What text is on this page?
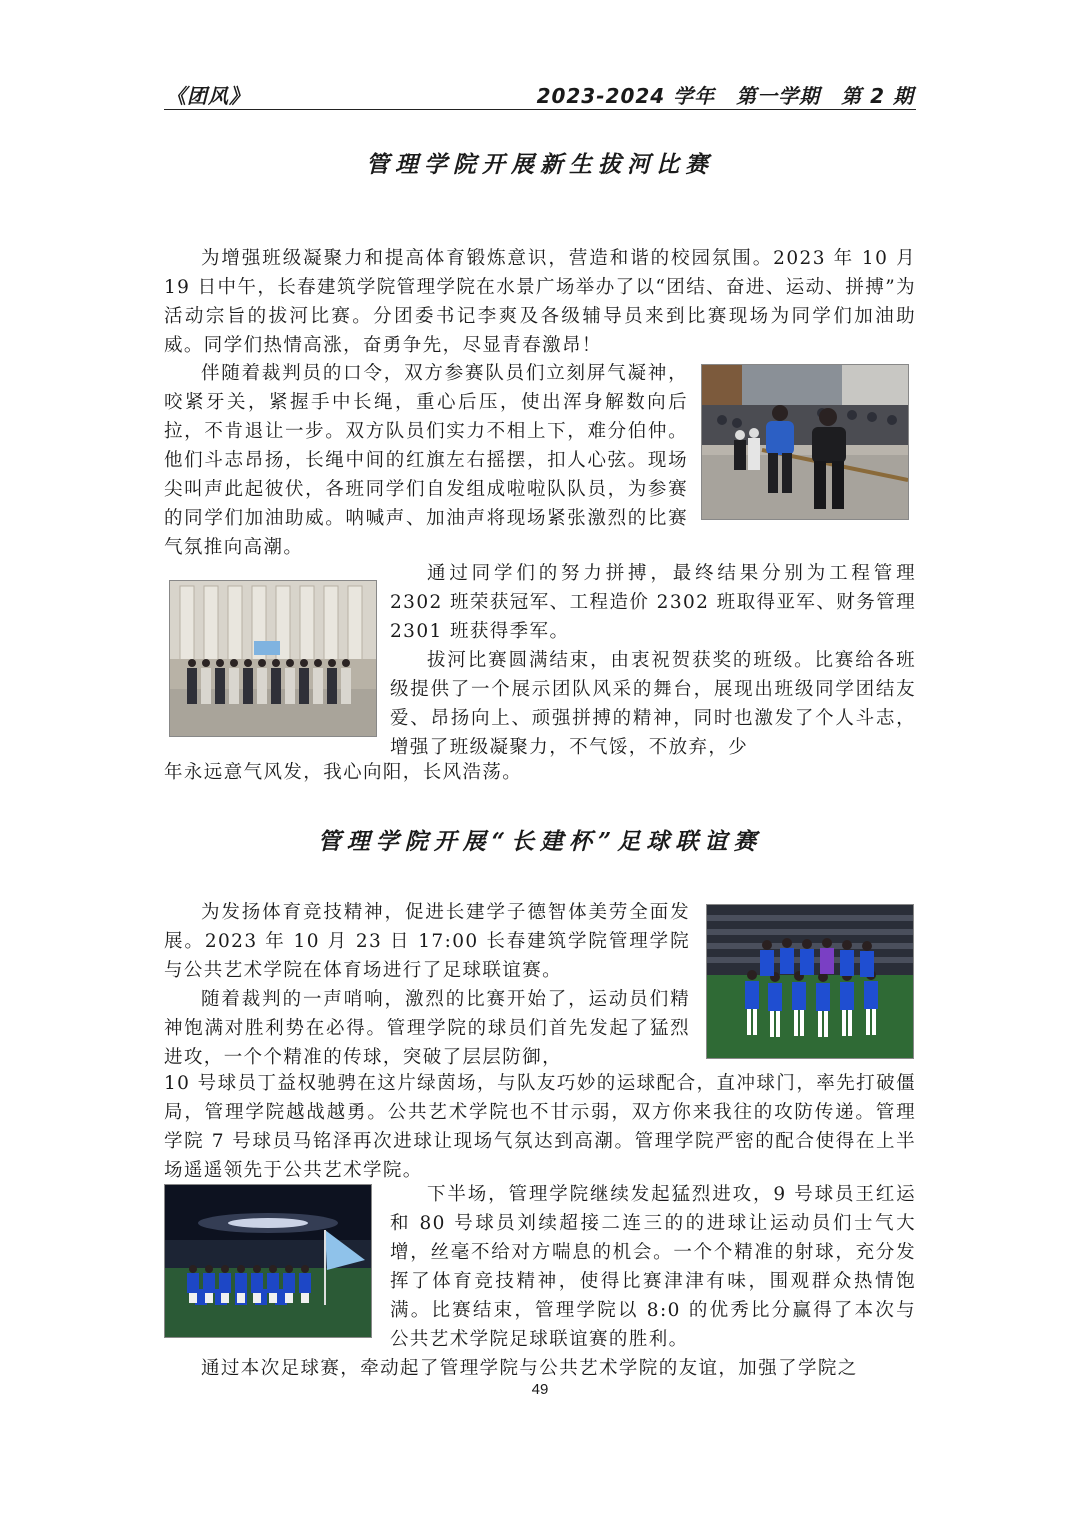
《团风》	2023-2024 学年　第一学期　第 2 期
管理学院开展新生拔河比赛

为增强班级凝聚力和提高体育锻炼意识，营造和谐的校园氛围。2023 年 10 月 19 日中午，长春建筑学院管理学院在水景广场举办了以“团结、奋进、运动、拼搏”为活动宗旨的拔河比赛。分团委书记李爽及各级辅导员来到比赛现场为同学们加油助威。同学们热情高涨，奋勇争先，尽显青春激昂！

伴随着裁判员的口令，双方参赛队员们立刻屏气凝神，咬紧牙关，紧握手中长绳，重心后压，使出浑身解数向后拉，不肯退让一步。双方队员们实力不相上下，难分伯仲。他们斗志昂扬，长绳中间的红旗左右摇摆，扣人心弦。现场尖叫声此起彼伏，各班同学们自发组成啦啦队队员，为参赛的同学们加油助威。呐喊声、加油声将现场紧张激烈的比赛气氛推向高潮。

通过同学们的努力拼搏，最终结果分别为工程管理 2302 班荣获冠军、工程造价 2302 班取得亚军、财务管理 2301 班获得季军。

拔河比赛圆满结束，由衷祝贺获奖的班级。比赛给各班级提供了一个展示团队风采的舞台，展现出班级同学团结友爱、昂扬向上、顽强拼搏的精神，同时也激发了个人斗志，增强了班级凝聚力，不气馁，不放弃，少

年永远意气风发，我心向阳，长风浩荡。

管理学院开展“长建杯”足球联谊赛

为发扬体育竞技精神，促进长建学子德智体美劳全面发展。2023 年 10 月 23 日 17:00 长春建筑学院管理学院与公共艺术学院在体育场进行了足球联谊赛。

随着裁判的一声哨响，激烈的比赛开始了，运动员们精神饱满对胜利势在必得。管理学院的球员们首先发起了猛烈进攻，一个个精准的传球，突破了层层防御，

10 号球员丁益权驰骋在这片绿茵场，与队友巧妙的运球配合，直冲球门，率先打破僵局，管理学院越战越勇。公共艺术学院也不甘示弱，双方你来我往的攻防传递。管理学院 7 号球员马铭泽再次进球让现场气氛达到高潮。管理学院严密的配合使得在上半场遥遥领先于公共艺术学院。

下半场，管理学院继续发起猛烈进攻，9 号球员王红运和 80 号球员刘续超接二连三的的进球让运动员们士气大增，丝毫不给对方喘息的机会。一个个精准的射球，充分发挥了体育竞技精神，使得比赛津津有味，围观群众热情饱满。比赛结束，管理学院以 8:0 的优秀比分赢得了本次与公共艺术学院足球联谊赛的胜利。

通过本次足球赛，牵动起了管理学院与公共艺术学院的友谊，加强了学院之

49
